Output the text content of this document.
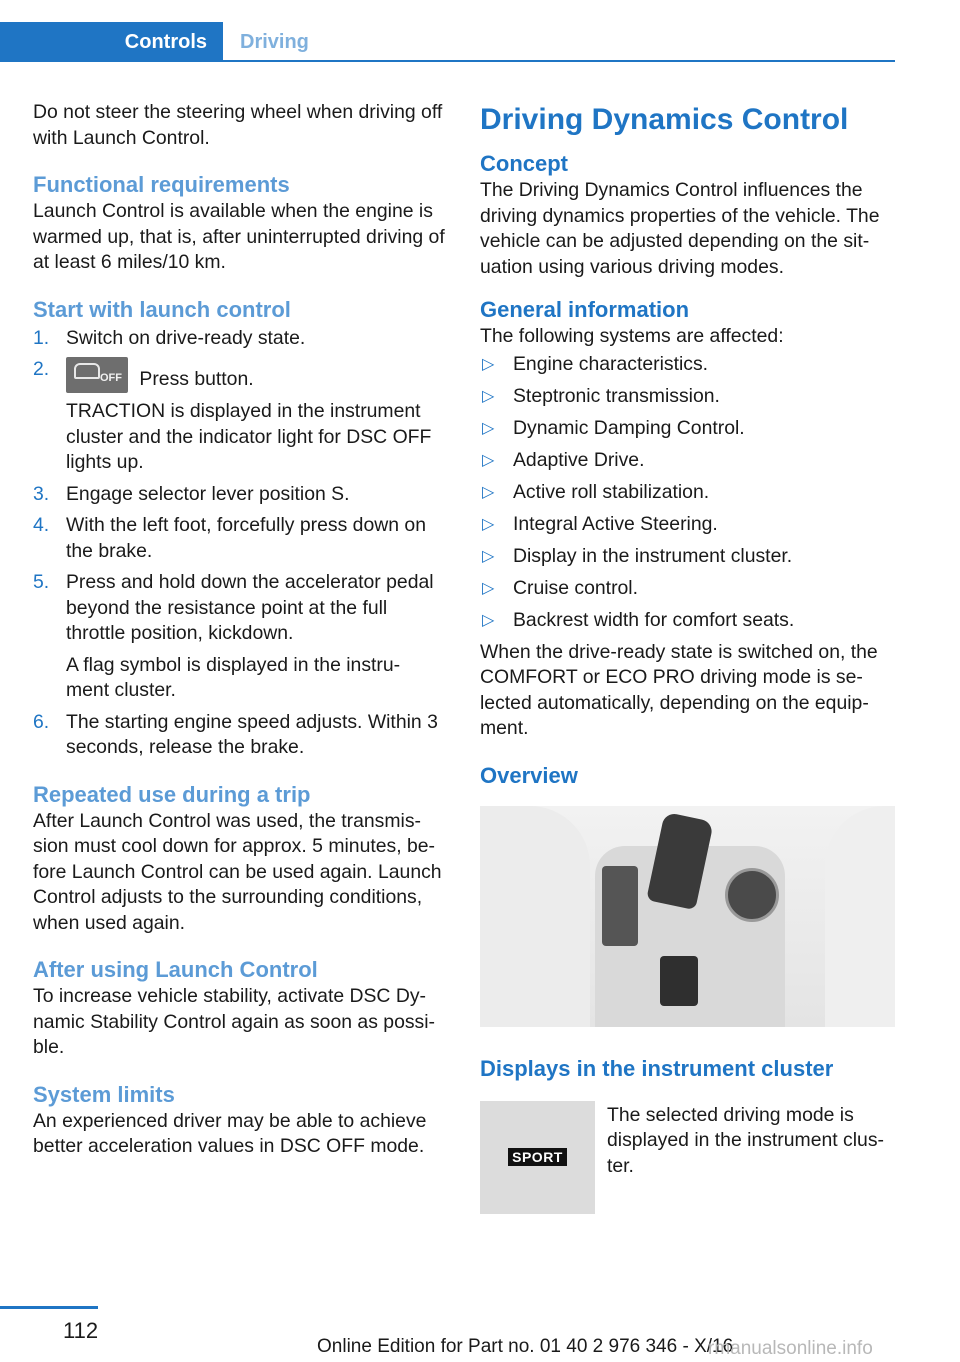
Controls	Driving

Do not steer the steering wheel when driving off with Launch Control.

Functional requirements

Launch Control is available when the engine is warmed up, that is, after uninterrupted driving of at least 6 miles/10 km.

Start with launch control
1. Switch on drive-ready state.
2.	OFF Press button.
TRACTION is displayed in the instrument cluster and the indicator light for DSC OFF lights up.
3. Engage selector lever position S.
4. With the left foot, forcefully press down on the brake.
5. Press and hold down the accelerator pedal beyond the resistance point at the full throttle position, kickdown.
A flag symbol is displayed in the instru‐ ment cluster.
6. The starting engine speed adjusts. Within 3 seconds, release the brake.
Repeated use during a trip

After Launch Control was used, the transmis‐ sion must cool down for approx. 5 minutes, be‐ fore Launch Control can be used again. Launch Control adjusts to the surrounding conditions, when used again.

After using Launch Control

To increase vehicle stability, activate DSC Dy‐ namic Stability Control again as soon as possi‐ ble.

System limits

An experienced driver may be able to achieve better acceleration values in DSC OFF mode.

Driving Dynamics Control
Concept

The Driving Dynamics Control influences the driving dynamics properties of the vehicle. The vehicle can be adjusted depending on the sit‐ uation using various driving modes.

General information

The following systems are affected:

▷ Engine characteristics.
▷ Steptronic transmission.
▷ Dynamic Damping Control.
▷ Adaptive Drive.
▷ Active roll stabilization.
▷ Integral Active Steering.
▷ Display in the instrument cluster.
▷ Cruise control.
▷ Backrest width for comfort seats.

When the drive-ready state is switched on, the COMFORT or ECO PRO driving mode is se‐ lected automatically, depending on the equip‐ ment.

Overview
Displays in the instrument cluster
SPORT

The selected driving mode is displayed in the instrument clus‐ ter.

112
Online Edition for Part no. 01 40 2 976 346 - X/16
rmanualsonline.info
